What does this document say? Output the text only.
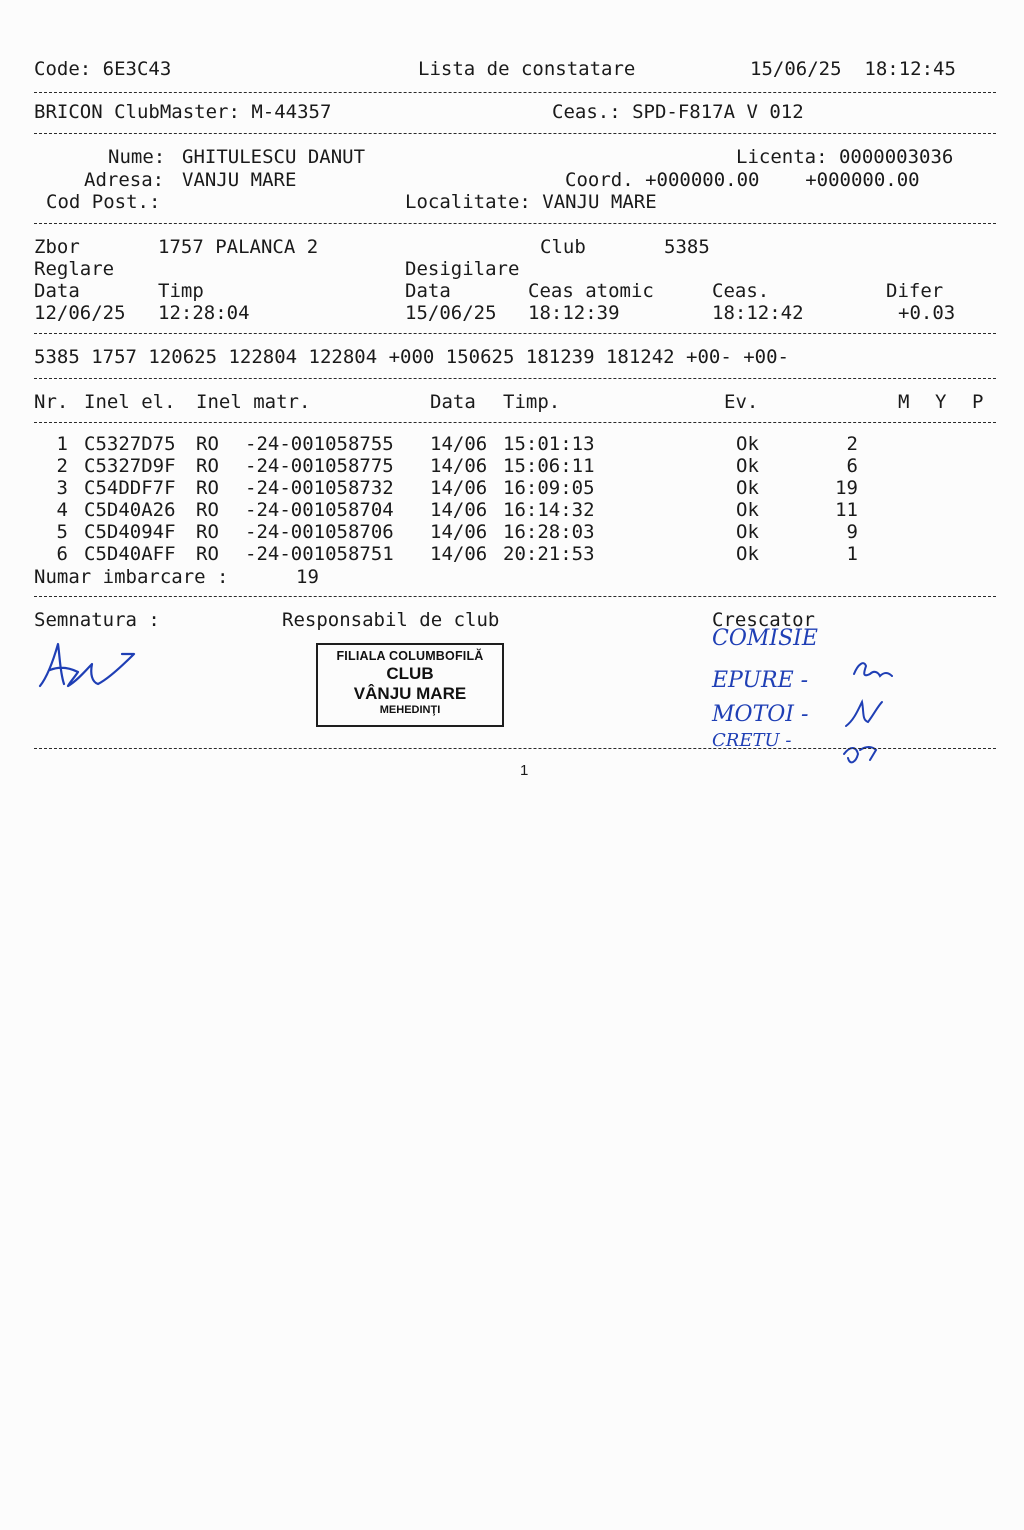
Code: 6E3C43	Lista de constatare	15/06/25  18:12:45
BRICON ClubMaster: M-44357	Ceas.: SPD-F817A V 012
Nume: GHITULESCU DANUT	Licenta: 0000003036
Adresa: VANJU MARE	Coord. +000000.00    +000000.00
Cod Post.:	Localitate: VANJU MARE
Zbor	1757 PALANCA 2	Club	5385
Reglare	Desigilare
Data	Timp	Data	Ceas atomic	Ceas.	Difer
12/06/25 12:28:04	15/06/25 18:12:39	18:12:42	+0.03
5385 1757 120625 122804 122804 +000 150625 181239 181242 +00- +00-
Nr. Inel el. Inel matr.	Data Timp.	Ev.	M Y P
1 C5327D75 RO -24-001058755 14/06 15:01:13	Ok	2
2 C5327D9F RO -24-001058775 14/06 15:06:11	Ok	6
3 C54DDF7F RO -24-001058732 14/06 16:09:05	Ok	19
4 C5D40A26 RO -24-001058704 14/06 16:14:32	Ok	11
5 C5D4094F RO -24-001058706 14/06 16:28:03	Ok	9
6 C5D40AFF RO -24-001058751 14/06 20:21:53	Ok	1
Numar imbarcare :	19
Semnatura :	Responsabil de club	Crescator
FILIALA COLUMBOFILĂ
CLUB
VÂNJU MARE
MEHEDINŢI
COMISIE
EPURE -
MOTOI -
CRETU -
1
